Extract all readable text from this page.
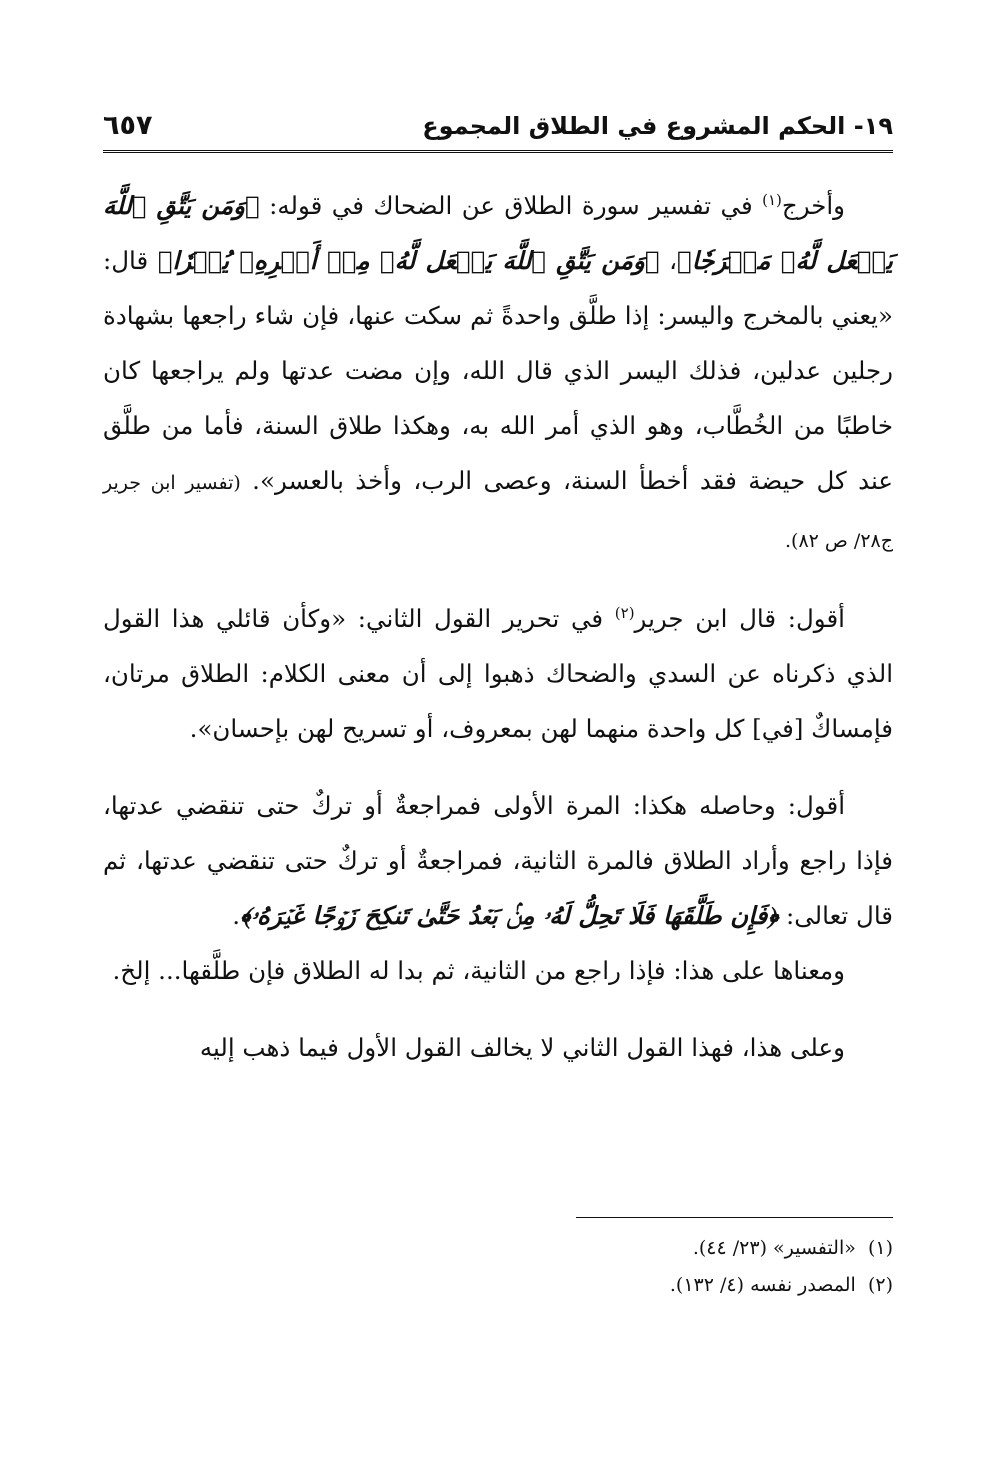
١٩- الحكم المشروع في الطلاق المجموع
٦٥٧

وأخرج$^{(١)}$ في تفسير سورة الطلاق عن الضحاك في قوله: ﴿وَمَن يَتَّقِ ٱللَّهَ يَجۡعَل لَّهُۥ مَخۡرَجٗا﴾، ﴿وَمَن يَتَّقِ ٱللَّهَ يَجۡعَل لَّهُۥ مِنۡ أَمۡرِهِۦ يُسۡرٗا﴾ قال: «يعني بالمخرج واليسر: إذا طلَّق واحدةً ثم سكت عنها، فإن شاء راجعها بشهادة رجلين عدلين، فذلك اليسر الذي قال الله، وإن مضت عدتها ولم يراجعها كان خاطبًا من الخُطَّاب، وهو الذي أمر الله به، وهكذا طلاق السنة، فأما من طلَّق عند كل حيضة فقد أخطأ السنة، وعصى الرب، وأخذ بالعسر». (تفسير ابن جرير ج٢٨/ ص ٨٢).

أقول: قال ابن جرير$^{(٢)}$ في تحرير القول الثاني: «وكأن قائلي هذا القول الذي ذكرناه عن السدي والضحاك ذهبوا إلى أن معنى الكلام: الطلاق مرتان، فإمساكٌ [في] كل واحدة منهما لهن بمعروف، أو تسريح لهن بإحسان».

أقول: وحاصله هكذا: المرة الأولى فمراجعةٌ أو تركٌ حتى تنقضي عدتها، فإذا راجع وأراد الطلاق فالمرة الثانية، فمراجعةٌ أو تركٌ حتى تنقضي عدتها، ثم قال تعالى: ﴿فَإِن طَلَّقَهَا فَلَا تَحِلُّ لَهُۥ مِنۢ بَعۡدُ حَتَّىٰ تَنكِحَ زَوۡجًا غَيۡرَهُۥ﴾.

ومعناها على هذا: فإذا راجع من الثانية، ثم بدا له الطلاق فإن طلَّقها... إلخ.

وعلى هذا، فهذا القول الثاني لا يخالف القول الأول فيما ذهب إليه

(١)  «التفسير» (٢٣/ ٤٤).
(٢)  المصدر نفسه (٤/ ١٣٢).
